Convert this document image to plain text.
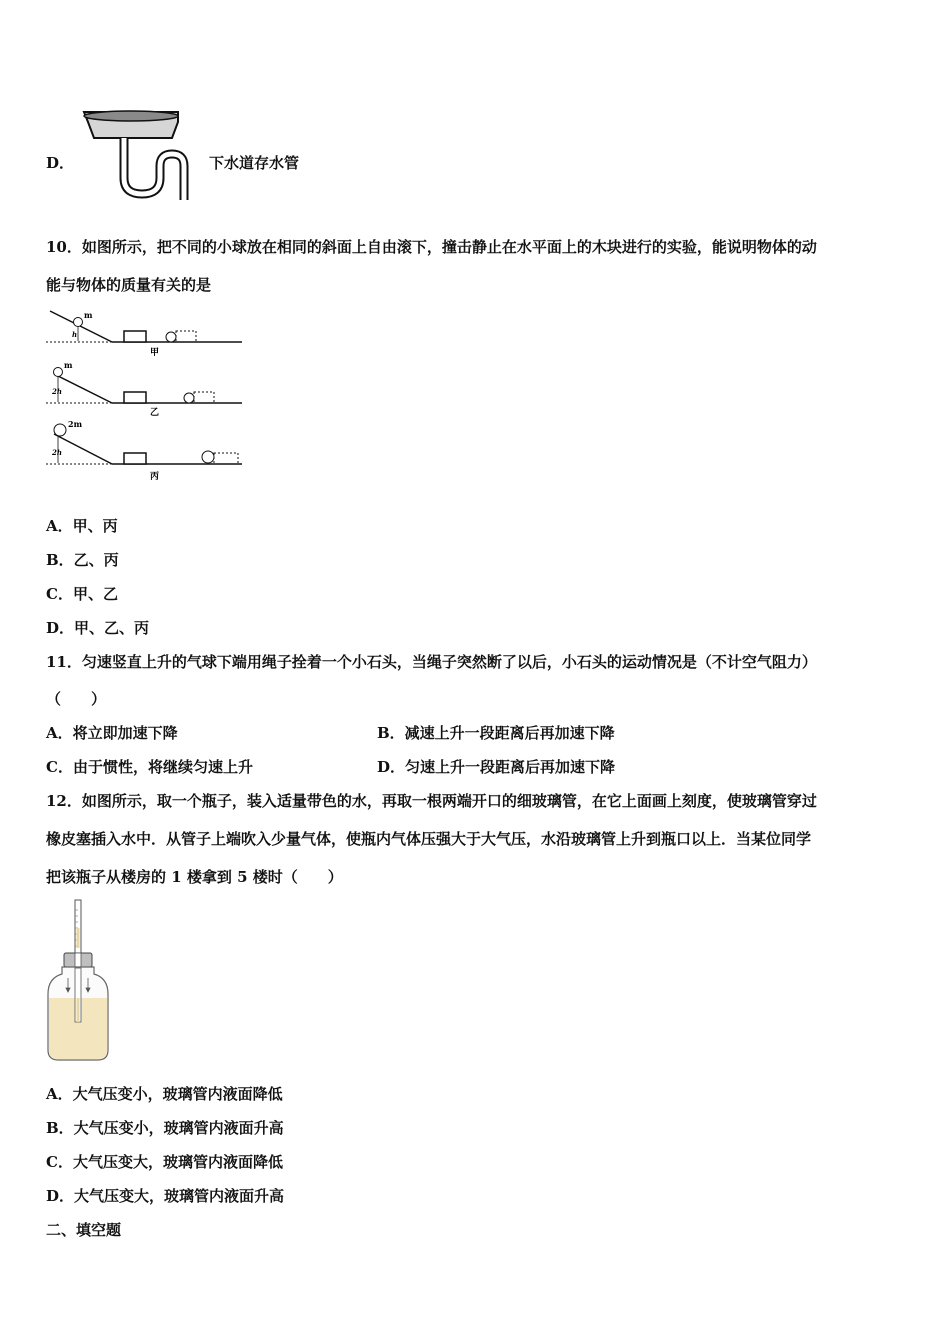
D．	下水道存水管
10．如图所示，把不同的小球放在相同的斜面上自由滚下，撞击静止在水平面上的木块进行的实验，能说明物体的动
能与物体的质量有关的是
m
h
甲
m
2h
乙
2m
2h
丙
A．甲、丙
B．乙、丙
C．甲、乙
D．甲、乙、丙
11．匀速竖直上升的气球下端用绳子拴着一个小石头，当绳子突然断了以后，小石头的运动情况是（不计空气阻力）
（　　）
A．将立即加速下降	B．减速上升一段距离后再加速下降
C．由于惯性，将继续匀速上升	D．匀速上升一段距离后再加速下降
12．如图所示，取一个瓶子，装入适量带色的水，再取一根两端开口的细玻璃管，在它上面画上刻度，使玻璃管穿过
橡皮塞插入水中．从管子上端吹入少量气体，使瓶内气体压强大于大气压，水沿玻璃管上升到瓶口以上．当某位同学
把该瓶子从楼房的 1 楼拿到 5 楼时（　　）
A．大气压变小，玻璃管内液面降低
B．大气压变小，玻璃管内液面升高
C．大气压变大，玻璃管内液面降低
D．大气压变大，玻璃管内液面升高
二、填空题
